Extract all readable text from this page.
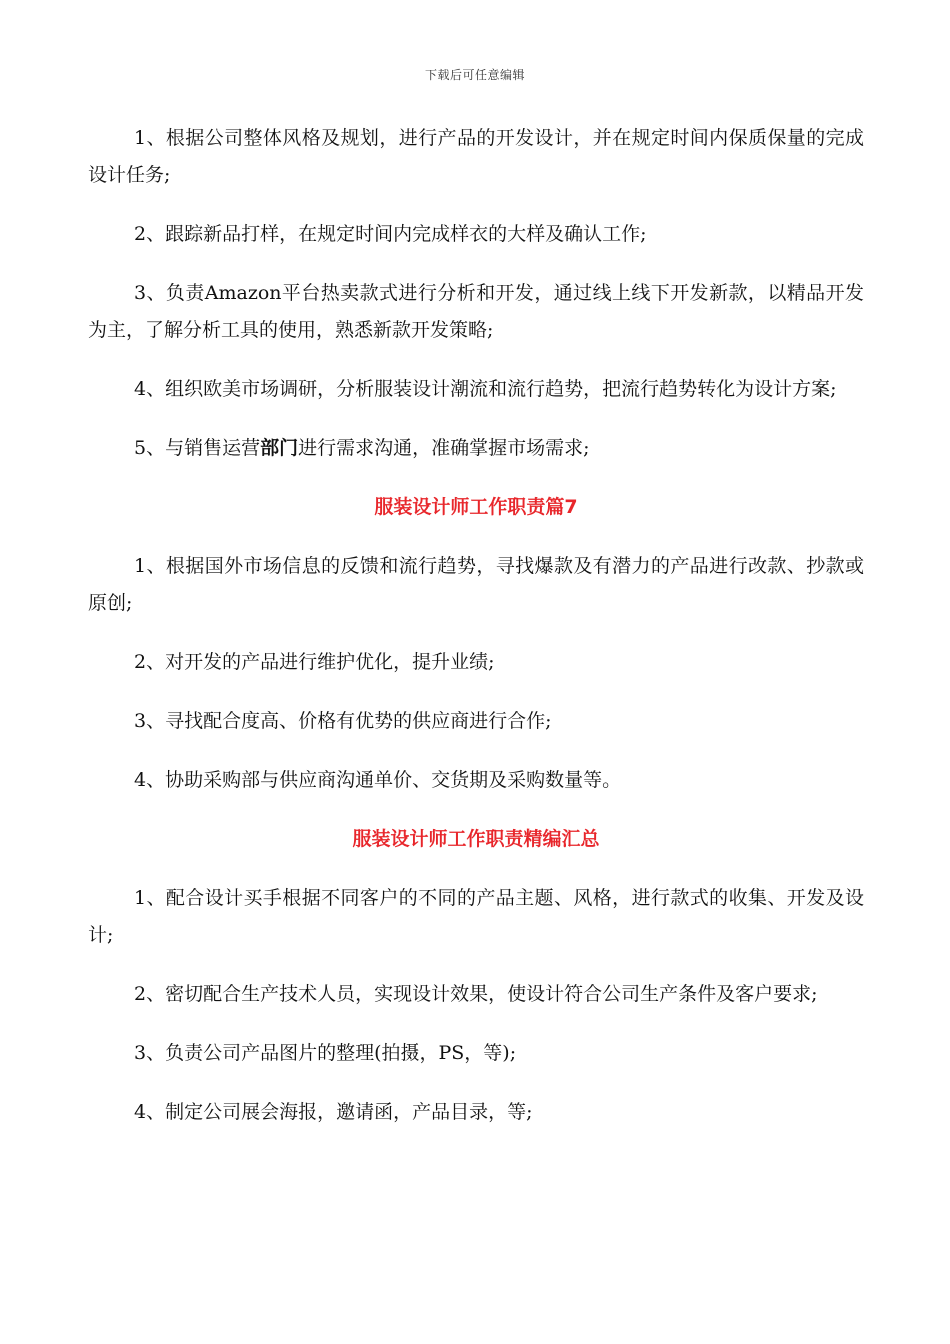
下载后可任意编辑

1、根据公司整体风格及规划，进行产品的开发设计，并在规定时间内保质保量的完成设计任务;

2、跟踪新品打样，在规定时间内完成样衣的大样及确认工作;

3、负责Amazon平台热卖款式进行分析和开发，通过线上线下开发新款，以精品开发为主，了解分析工具的使用，熟悉新款开发策略;

4、组织欧美市场调研，分析服装设计潮流和流行趋势，把流行趋势转化为设计方案;

5、与销售运营部门进行需求沟通，准确掌握市场需求;

服装设计师工作职责篇7

1、根据国外市场信息的反馈和流行趋势，寻找爆款及有潜力的产品进行改款、抄款或原创;

2、对开发的产品进行维护优化，提升业绩;

3、寻找配合度高、价格有优势的供应商进行合作;

4、协助采购部与供应商沟通单价、交货期及采购数量等。

服装设计师工作职责精编汇总

1、配合设计买手根据不同客户的不同的产品主题、风格，进行款式的收集、开发及设计;

2、密切配合生产技术人员，实现设计效果，使设计符合公司生产条件及客户要求;

3、负责公司产品图片的整理(拍摄，PS，等);

4、制定公司展会海报，邀请函，产品目录，等;
